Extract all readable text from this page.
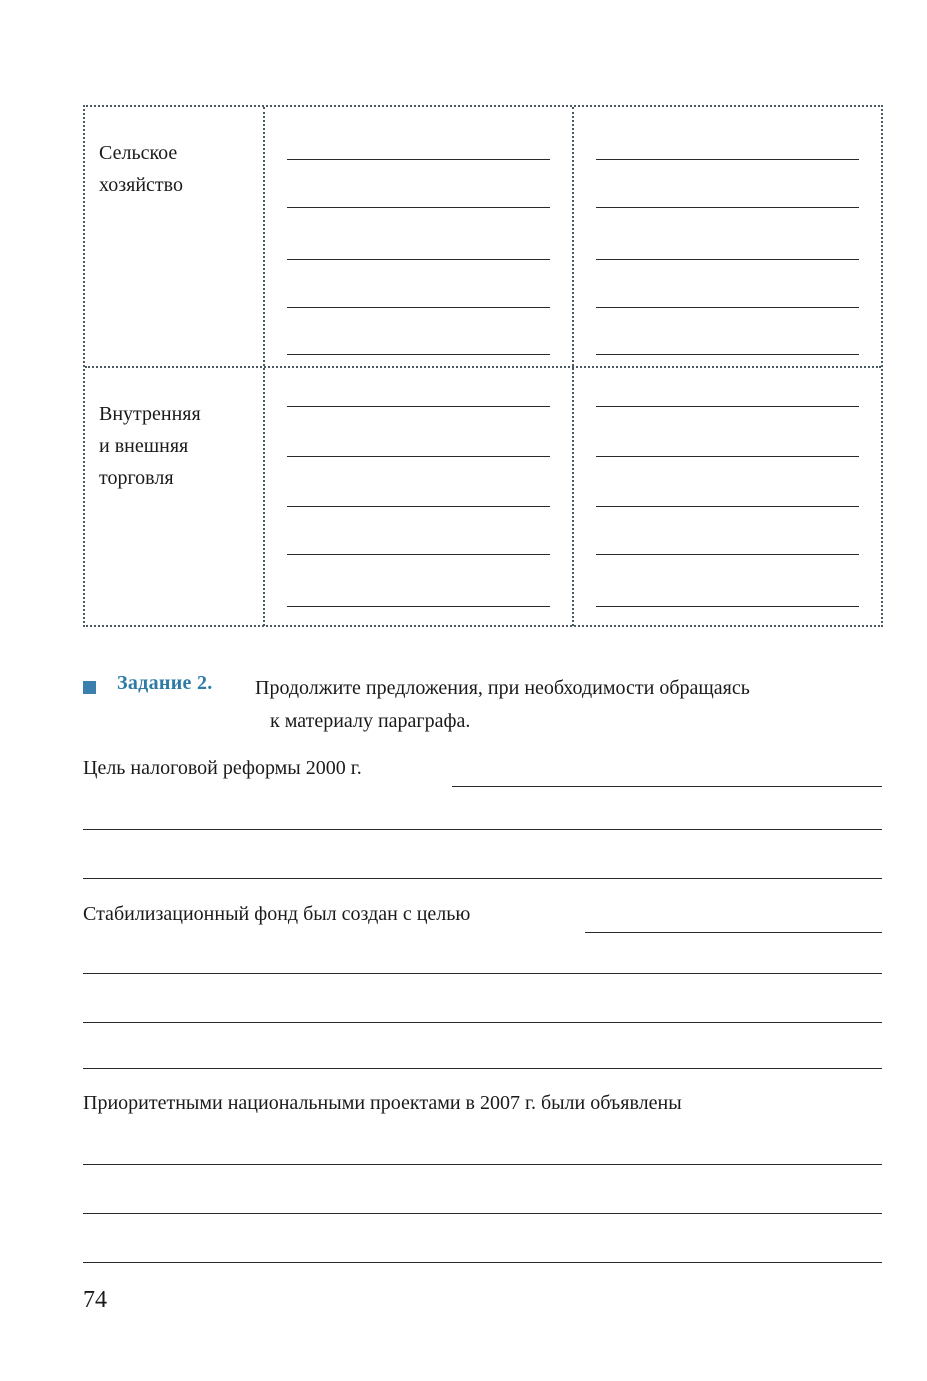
Сельское
хозяйство
Внутренняя
и внешняя
торговля
Задание 2. Продолжите предложения, при необходимости обращаясь
к материалу параграфа.
Цель налоговой реформы 2000 г.
Стабилизационный фонд был создан с целью
Приоритетными национальными проектами в 2007 г. были объявлены
74
